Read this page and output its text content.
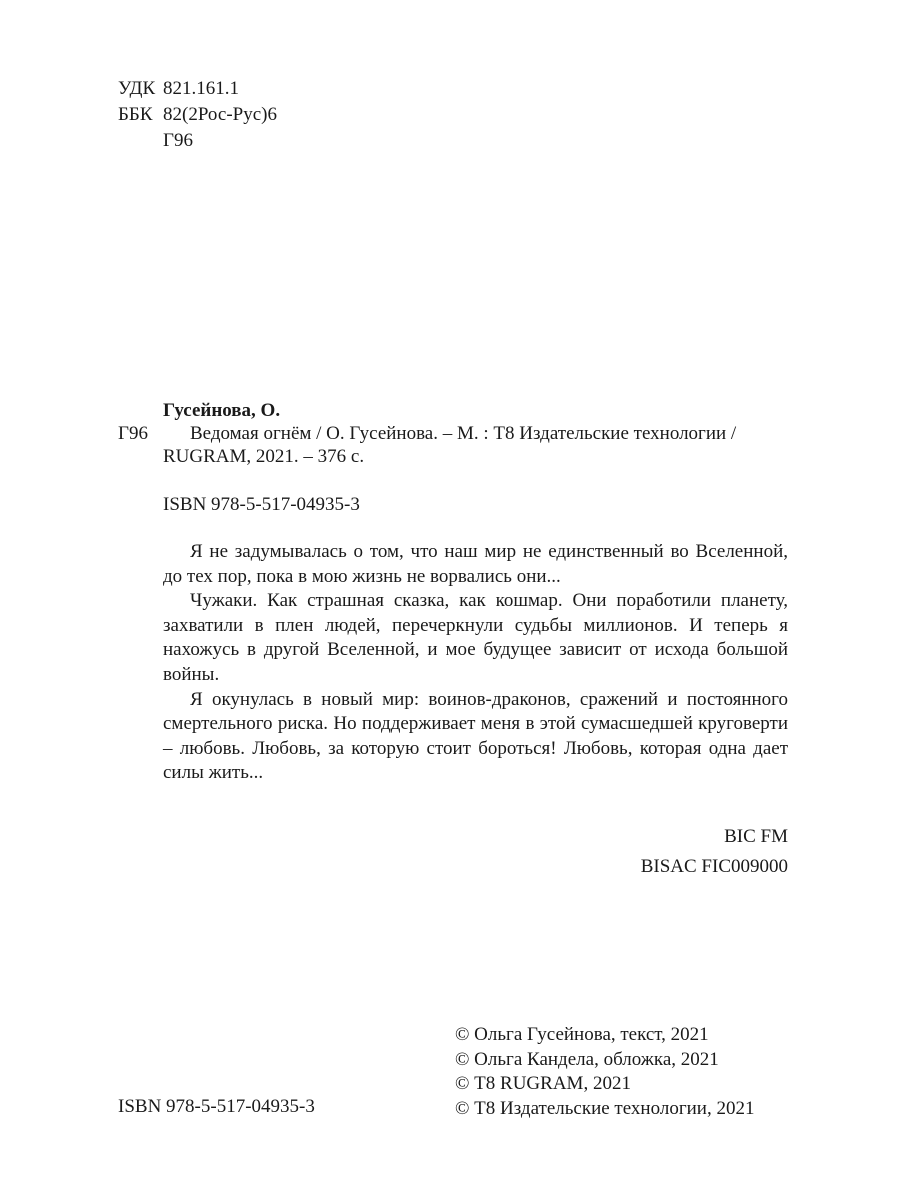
УДК 821.161.1
ББК 82(2Рос-Рус)6
Г96
Гусейнова, О.
Г96 Ведомая огнём / О. Гусейнова. – М. : Т8 Издательские технологии /
RUGRAM, 2021. – 376 с.
ISBN 978-5-517-04935-3

Я не задумывалась о том, что наш мир не единственный во Вселенной, до тех пор, пока в мою жизнь не ворвались они...

Чужаки. Как страшная сказка, как кошмар. Они поработили планету, захватили в плен людей, перечеркнули судьбы миллионов. И теперь я нахожусь в другой Вселенной, и мое будущее зависит от исхода большой войны.

Я окунулась в новый мир: воинов-драконов, сражений и постоянного смертельного риска. Но поддерживает меня в этой сумасшедшей круговерти – любовь. Любовь, за которую стоит бороться! Любовь, которая одна дает силы жить...

BIC FM
BISAC FIC009000
© Ольга Гусейнова, текст, 2021
© Ольга Кандела, обложка, 2021
© Т8 RUGRAM, 2021
© Т8 Издательские технологии, 2021
ISBN 978-5-517-04935-3
